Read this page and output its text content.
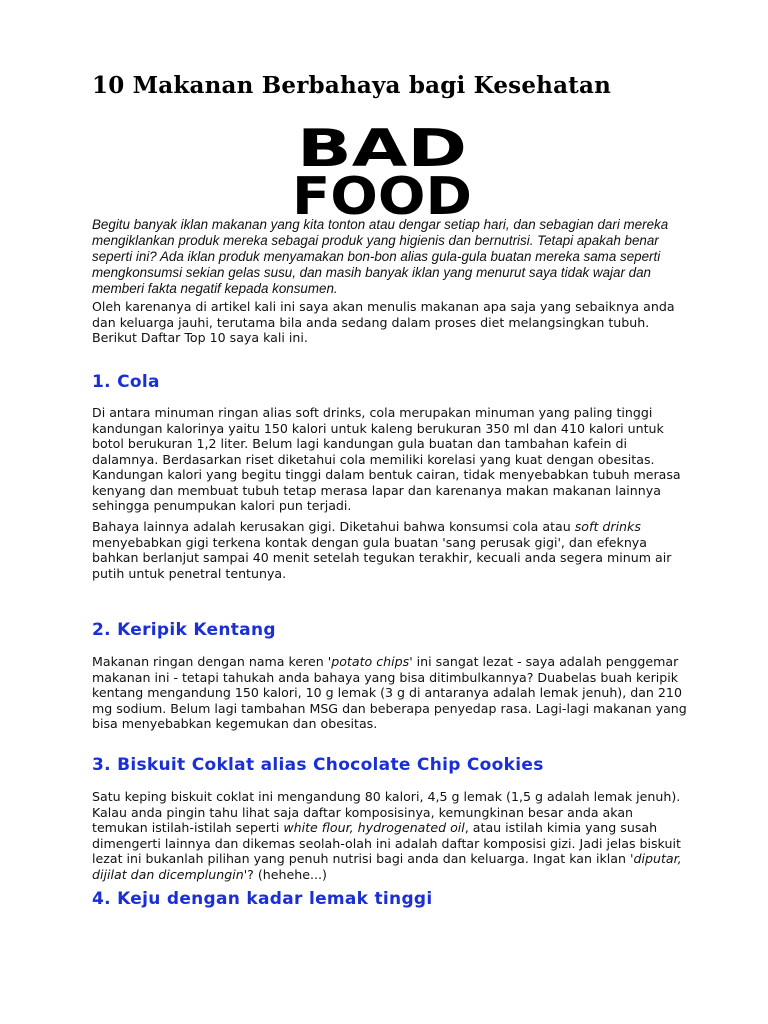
10 Makanan Berbahaya bagi Kesehatan
BAD
FOOD

Begitu banyak iklan makanan yang kita tonton atau dengar setiap hari, dan sebagian dari mereka mengiklankan produk mereka sebagai produk yang higienis dan bernutrisi. Tetapi apakah benar seperti ini? Ada iklan produk menyamakan bon-bon alias gula-gula buatan mereka sama seperti mengkonsumsi sekian gelas susu, dan masih banyak iklan yang menurut saya tidak wajar dan memberi fakta negatif kepada konsumen.

Oleh karenanya di artikel kali ini saya akan menulis makanan apa saja yang sebaiknya anda dan keluarga jauhi, terutama bila anda sedang dalam proses diet melangsingkan tubuh. Berikut Daftar Top 10 saya kali ini.

1. Cola

Di antara minuman ringan alias soft drinks, cola merupakan minuman yang paling tinggi kandungan kalorinya yaitu 150 kalori untuk kaleng berukuran 350 ml dan 410 kalori untuk botol berukuran 1,2 liter. Belum lagi kandungan gula buatan dan tambahan kafein di dalamnya. Berdasarkan riset diketahui cola memiliki korelasi yang kuat dengan obesitas. Kandungan kalori yang begitu tinggi dalam bentuk cairan, tidak menyebabkan tubuh merasa kenyang dan membuat tubuh tetap merasa lapar dan karenanya makan makanan lainnya sehingga penumpukan kalori pun terjadi.

Bahaya lainnya adalah kerusakan gigi. Diketahui bahwa konsumsi cola atau soft drinks menyebabkan gigi terkena kontak dengan gula buatan 'sang perusak gigi', dan efeknya bahkan berlanjut sampai 40 menit setelah tegukan terakhir, kecuali anda segera minum air putih untuk penetral tentunya.

2. Keripik Kentang

Makanan ringan dengan nama keren 'potato chips' ini sangat lezat - saya adalah penggemar makanan ini - tetapi tahukah anda bahaya yang bisa ditimbulkannya? Duabelas buah keripik kentang mengandung 150 kalori, 10 g lemak (3 g di antaranya adalah lemak jenuh), dan 210 mg sodium. Belum lagi tambahan MSG dan beberapa penyedap rasa. Lagi-lagi makanan yang bisa menyebabkan kegemukan dan obesitas.

3. Biskuit Coklat alias Chocolate Chip Cookies

Satu keping biskuit coklat ini mengandung 80 kalori, 4,5 g lemak (1,5 g adalah lemak jenuh). Kalau anda pingin tahu lihat saja daftar komposisinya, kemungkinan besar anda akan temukan istilah-istilah seperti white flour, hydrogenated oil, atau istilah kimia yang susah dimengerti lainnya dan dikemas seolah-olah ini adalah daftar komposisi gizi. Jadi jelas biskuit lezat ini bukanlah pilihan yang penuh nutrisi bagi anda dan keluarga. Ingat kan iklan 'diputar, dijilat dan dicemplungin'? (hehehe...)

4. Keju dengan kadar lemak tinggi
